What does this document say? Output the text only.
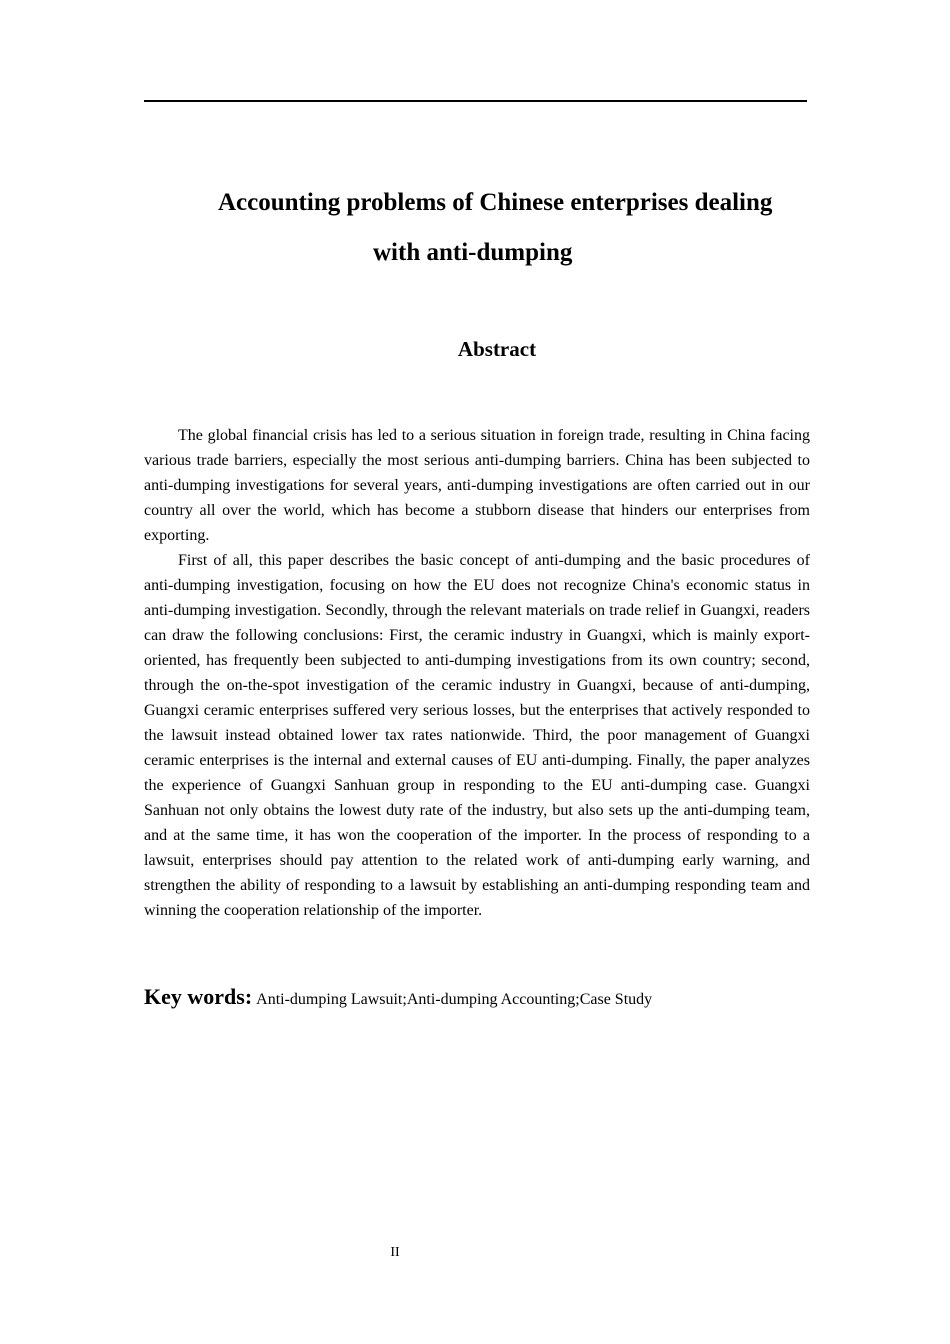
Accounting problems of Chinese enterprises dealing
with anti-dumping
Abstract

The global financial crisis has led to a serious situation in foreign trade, resulting in China facing various trade barriers, especially the most serious anti-dumping barriers. China has been subjected to anti-dumping investigations for several years, anti-dumping investigations are often carried out in our country all over the world, which has become a stubborn disease that hinders our enterprises from exporting.

First of all, this paper describes the basic concept of anti-dumping and the basic procedures of anti-dumping investigation, focusing on how the EU does not recognize China's economic status in anti-dumping investigation. Secondly, through the relevant materials on trade relief in Guangxi, readers can draw the following conclusions: First, the ceramic industry in Guangxi, which is mainly export-oriented, has frequently been subjected to anti-dumping investigations from its own country; second, through the on-the-spot investigation of the ceramic industry in Guangxi, because of anti-dumping, Guangxi ceramic enterprises suffered very serious losses, but the enterprises that actively responded to the lawsuit instead obtained lower tax rates nationwide. Third, the poor management of Guangxi ceramic enterprises is the internal and external causes of EU anti-dumping. Finally, the paper analyzes the experience of Guangxi Sanhuan group in responding to the EU anti-dumping case. Guangxi Sanhuan not only obtains the lowest duty rate of the industry, but also sets up the anti-dumping team, and at the same time, it has won the cooperation of the importer. In the process of responding to a lawsuit, enterprises should pay attention to the related work of anti-dumping early warning, and strengthen the ability of responding to a lawsuit by establishing an anti-dumping responding team and winning the cooperation relationship of the importer.

Key words: Anti-dumping Lawsuit;Anti-dumping Accounting;Case Study
II
